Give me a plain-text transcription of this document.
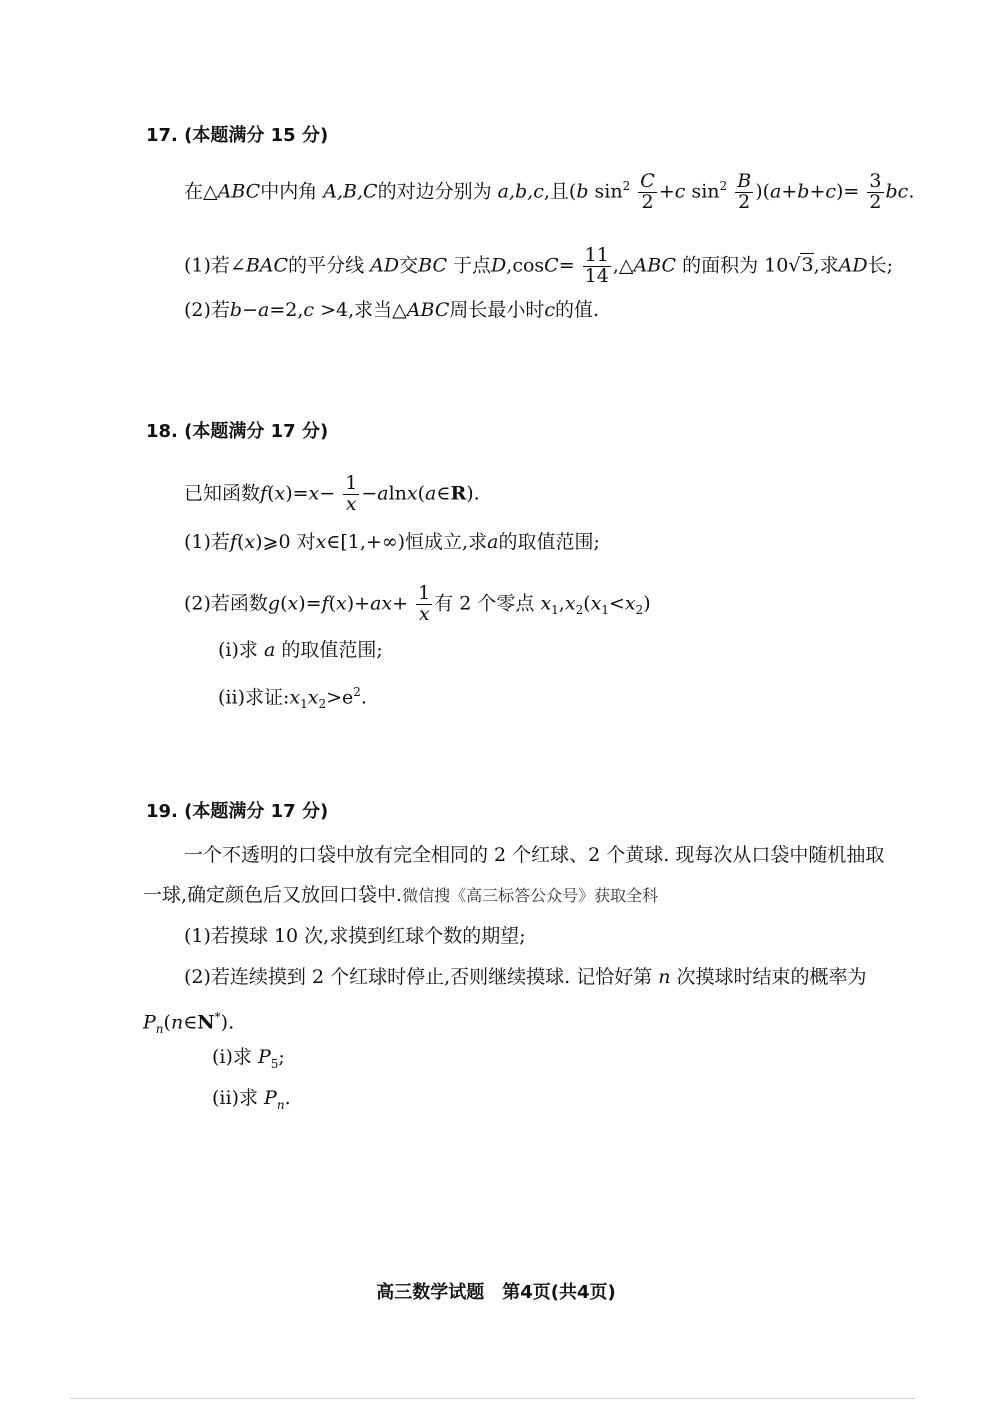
17. (本题满分 15 分)
在△ABC中内角 A,B,C的对边分别为 a,b,c,且(b $\sin^2 \frac{C}{2} +c$ $\sin^2 \frac{B}{2} )(a+b+c)= \frac{3}{2}$ bc.
(1)若∠BAC的平分线 AD交BC 于点$D,\cos C= \frac{11}{14}$ ,△ABC 的面积为 10√3,求AD长;
(2)若b−a=2,c >4,求当△ABC周长最小时c的值.
18. (本题满分 17 分)
已知函数$f(x)=x- \frac{1}{x}$ −alnx(a∈R).
(1)若f(x)⩾0 对x∈[1,+∞)恒成立,求a的取值范围;
(2)若函数$g(x)=f(x)+ax+ \frac{1}{x}$ 有 2 个零点 $x_1,x_2(x_1<x_2)$
(i)求 a 的取值范围;
(ii)求证$:x_1x_2>e^2$.
19. (本题满分 17 分)
一个不透明的口袋中放有完全相同的 2 个红球、2 个黄球. 现每次从口袋中随机抽取
一球,确定颜色后又放回口袋中.微信搜《高三标答公众号》获取全科
(1)若摸球 10 次,求摸到红球个数的期望;
(2)若连续摸到 2 个红球时停止,否则继续摸球. 记恰好第 n 次摸球时结束的概率为
$P_n(n\in N^*)$.
(i)求 $P_5$;
(ii)求 $P_n$.
高三数学试题　第4页(共4页)
